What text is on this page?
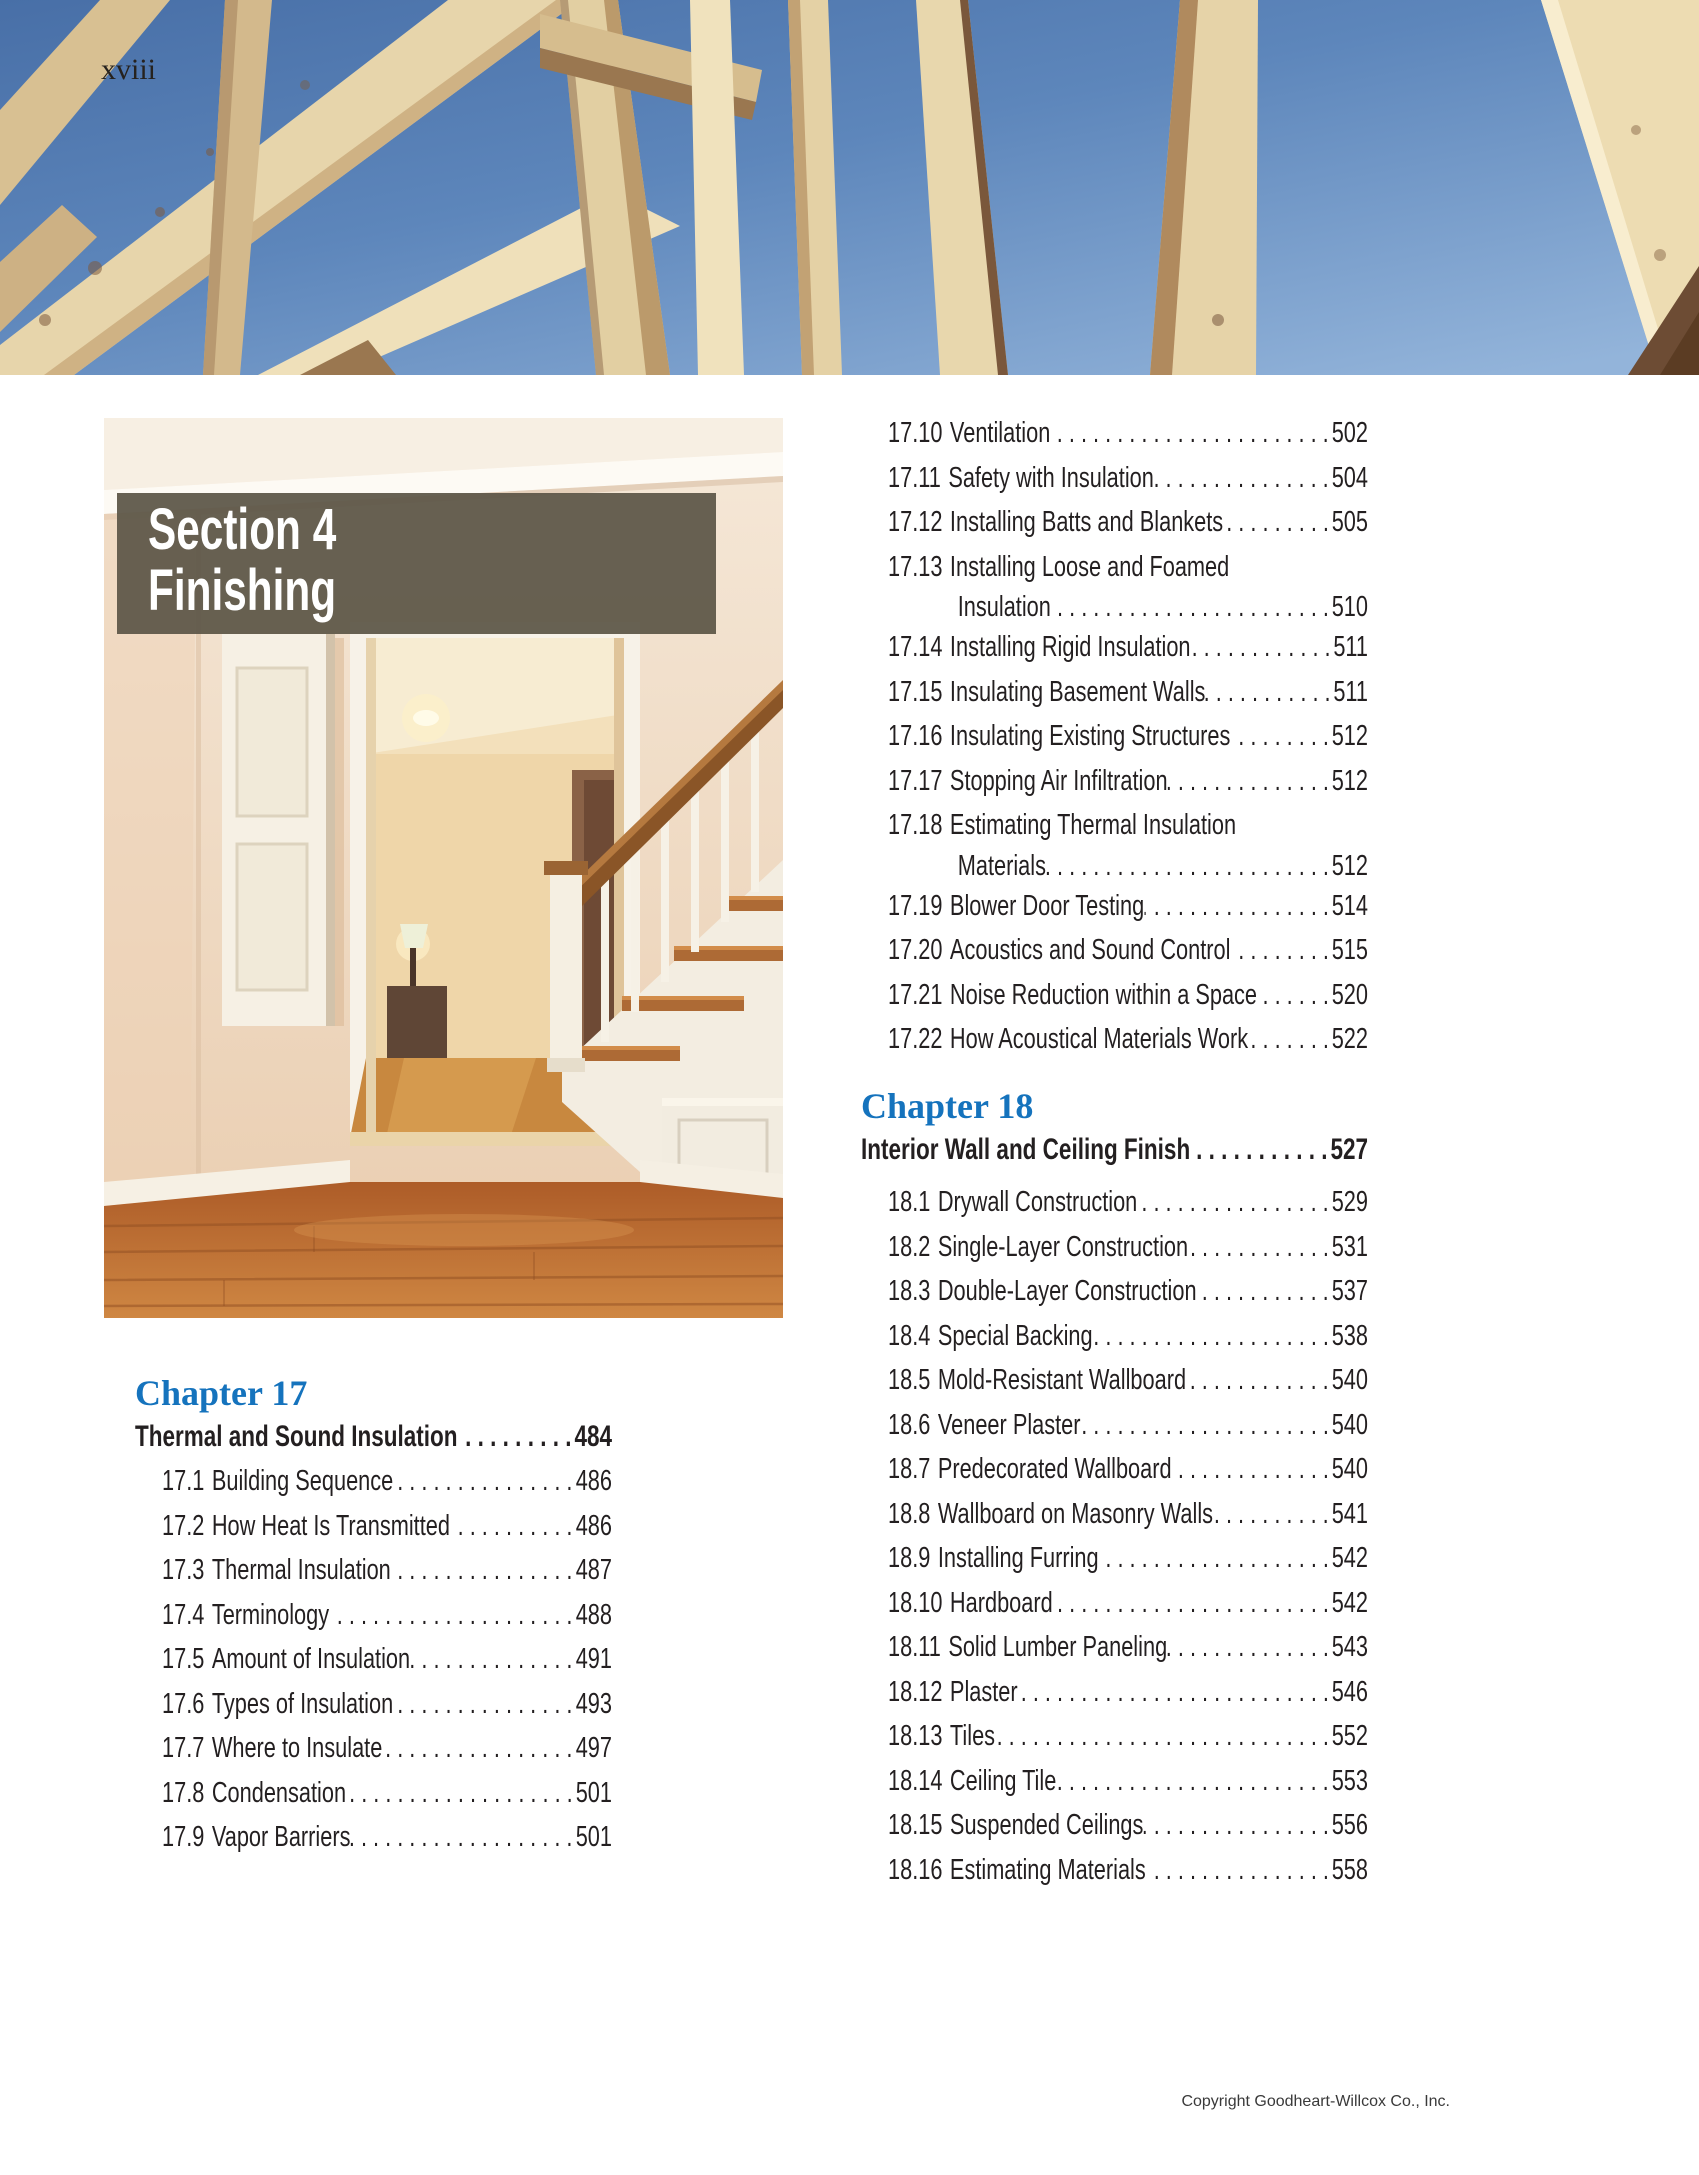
xviii
Section 4
Finishing
Chapter 17
Chapter 18
Thermal and Sound Insulation . . .	484
17.1 Building Sequence . . .	486
17.2 How Heat Is Transmitted . . .	486
17.3 Thermal Insulation . . .	487
17.4 Terminology . . .	488
17.5 Amount of Insulation . . .	491
17.6 Types of Insulation . . .	493
17.7 Where to Insulate . . .	497
17.8 Condensation . . .	501
17.9 Vapor Barriers . . .	501
17.10 Ventilation . . .	502
17.11 Safety with Insulation . . .	504
17.12 Installing Batts and Blankets . . .	505
17.13 Installing Loose and Foamed
Insulation . . .	510
17.14 Installing Rigid Insulation . . .	511
17.15 Insulating Basement Walls . . .	511
17.16 Insulating Existing Structures . . .	512
17.17 Stopping Air Infiltration . . .	512
17.18 Estimating Thermal Insulation
Materials . . .	512
17.19 Blower Door Testing . . .	514
17.20 Acoustics and Sound Control . . .	515
17.21 Noise Reduction within a Space . . .	520
17.22 How Acoustical Materials Work . . .	522
Interior Wall and Ceiling Finish . . .	527
18.1 Drywall Construction . . .	529
18.2 Single-Layer Construction . . .	531
18.3 Double-Layer Construction . . .	537
18.4 Special Backing . . .	538
18.5 Mold-Resistant Wallboard . . .	540
18.6 Veneer Plaster . . .	540
18.7 Predecorated Wallboard . . .	540
18.8 Wallboard on Masonry Walls . . .	541
18.9 Installing Furring . . .	542
18.10 Hardboard . . .	542
18.11 Solid Lumber Paneling . . .	543
18.12 Plaster . . .	546
18.13 Tiles . . .	552
18.14 Ceiling Tile . . .	553
18.15 Suspended Ceilings . . .	556
18.16 Estimating Materials . . .	558
Copyright Goodheart-Willcox Co., Inc.
